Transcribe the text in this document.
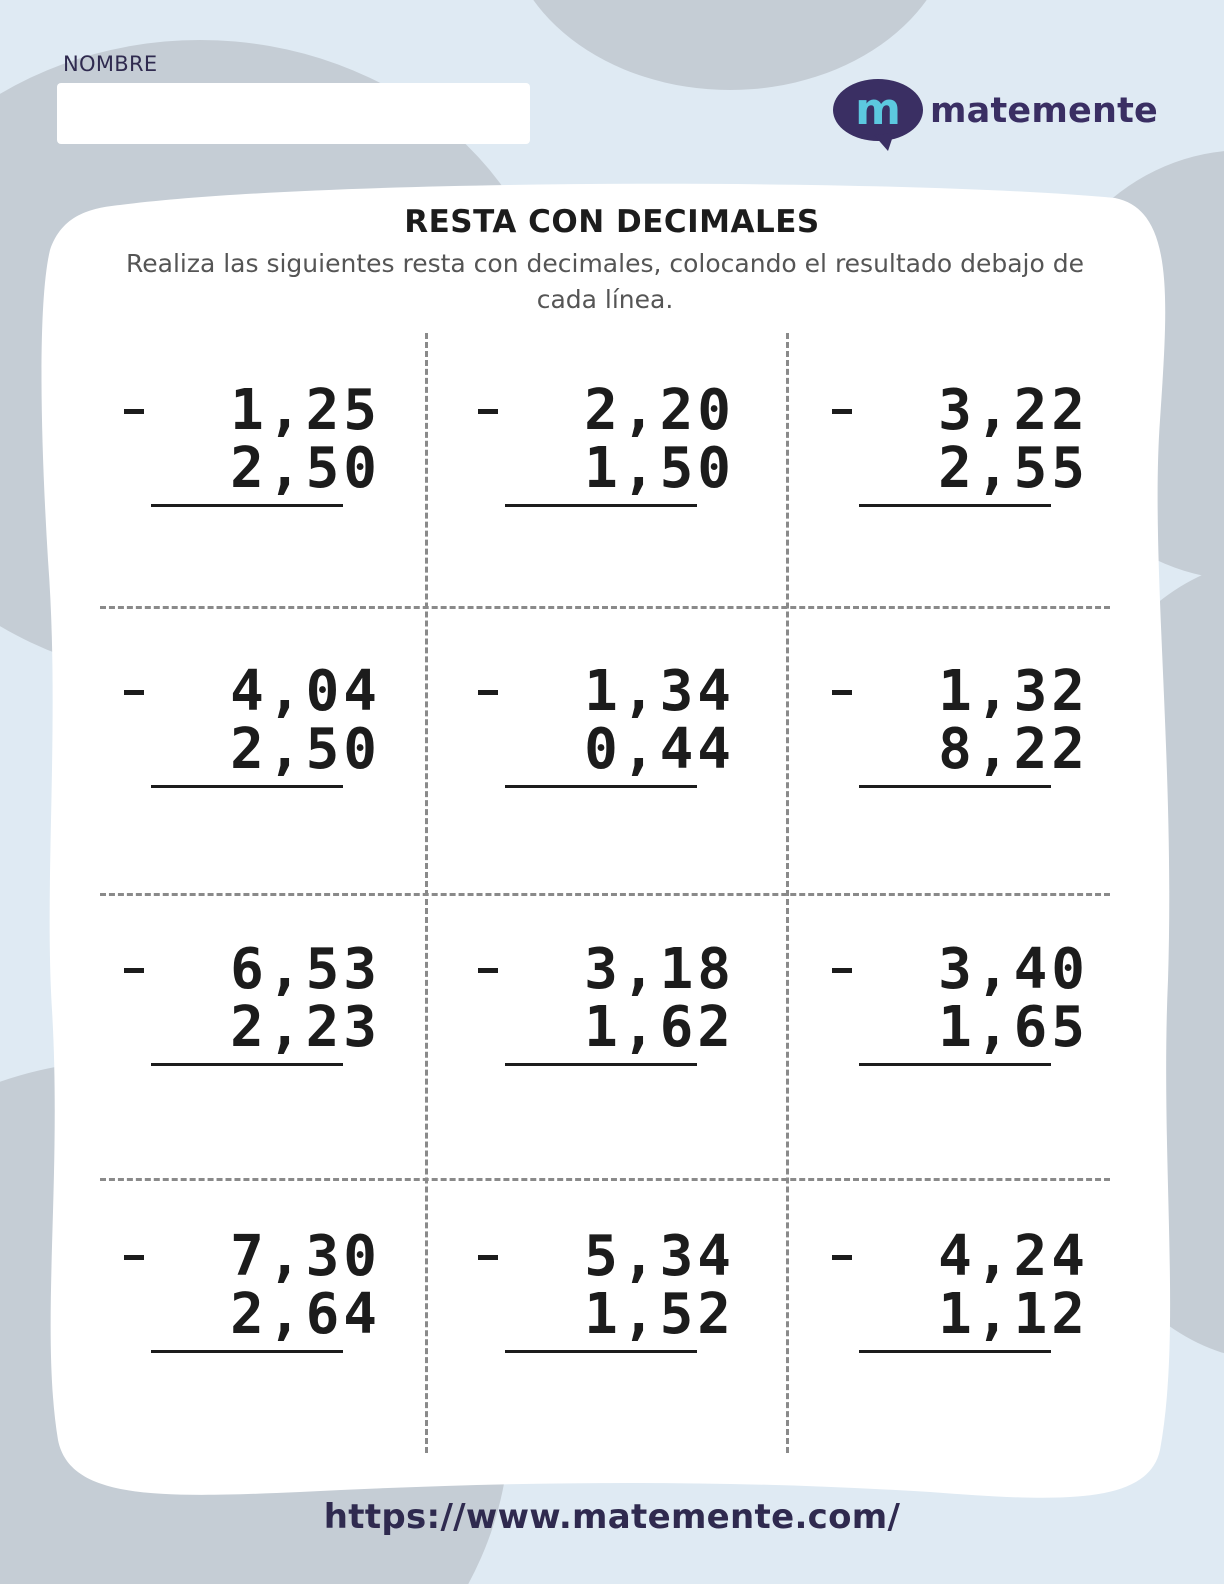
NOMBRE
m matemente
RESTA CON DECIMALES
Realiza las siguientes resta con decimales, colocando el resultado debajo de cada línea.
1,25
2,50
2,20
1,50
3,22
2,55
4,04
2,50
1,34
0,44
1,32
8,22
6,53
2,23
3,18
1,62
3,40
1,65
7,30
2,64
5,34
1,52
4,24
1,12
https://www.matemente.com/
